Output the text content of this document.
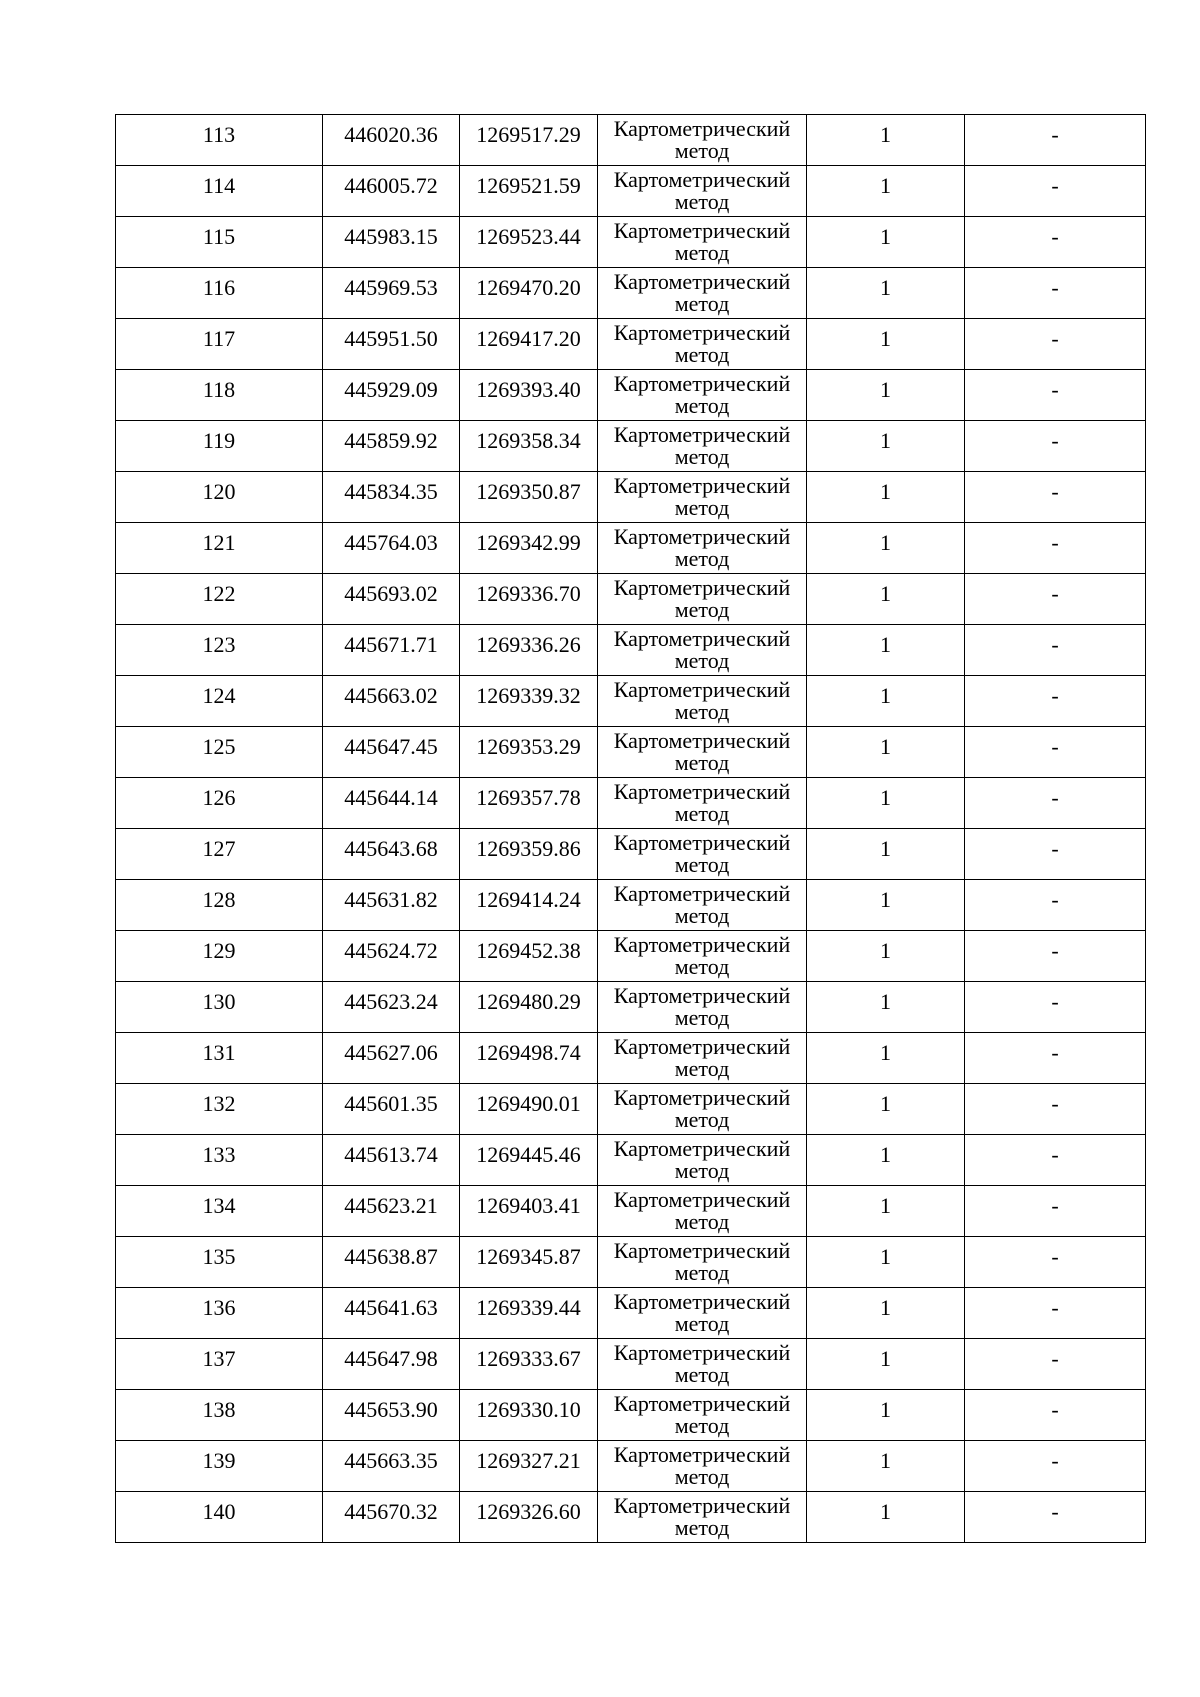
113	446020.36	1269517.29	Картометрический метод	1	-
114	446005.72	1269521.59	Картометрический метод	1	-
115	445983.15	1269523.44	Картометрический метод	1	-
116	445969.53	1269470.20	Картометрический метод	1	-
117	445951.50	1269417.20	Картометрический метод	1	-
118	445929.09	1269393.40	Картометрический метод	1	-
119	445859.92	1269358.34	Картометрический метод	1	-
120	445834.35	1269350.87	Картометрический метод	1	-
121	445764.03	1269342.99	Картометрический метод	1	-
122	445693.02	1269336.70	Картометрический метод	1	-
123	445671.71	1269336.26	Картометрический метод	1	-
124	445663.02	1269339.32	Картометрический метод	1	-
125	445647.45	1269353.29	Картометрический метод	1	-
126	445644.14	1269357.78	Картометрический метод	1	-
127	445643.68	1269359.86	Картометрический метод	1	-
128	445631.82	1269414.24	Картометрический метод	1	-
129	445624.72	1269452.38	Картометрический метод	1	-
130	445623.24	1269480.29	Картометрический метод	1	-
131	445627.06	1269498.74	Картометрический метод	1	-
132	445601.35	1269490.01	Картометрический метод	1	-
133	445613.74	1269445.46	Картометрический метод	1	-
134	445623.21	1269403.41	Картометрический метод	1	-
135	445638.87	1269345.87	Картометрический метод	1	-
136	445641.63	1269339.44	Картометрический метод	1	-
137	445647.98	1269333.67	Картометрический метод	1	-
138	445653.90	1269330.10	Картометрический метод	1	-
139	445663.35	1269327.21	Картометрический метод	1	-
140	445670.32	1269326.60	Картометрический метод	1	-
